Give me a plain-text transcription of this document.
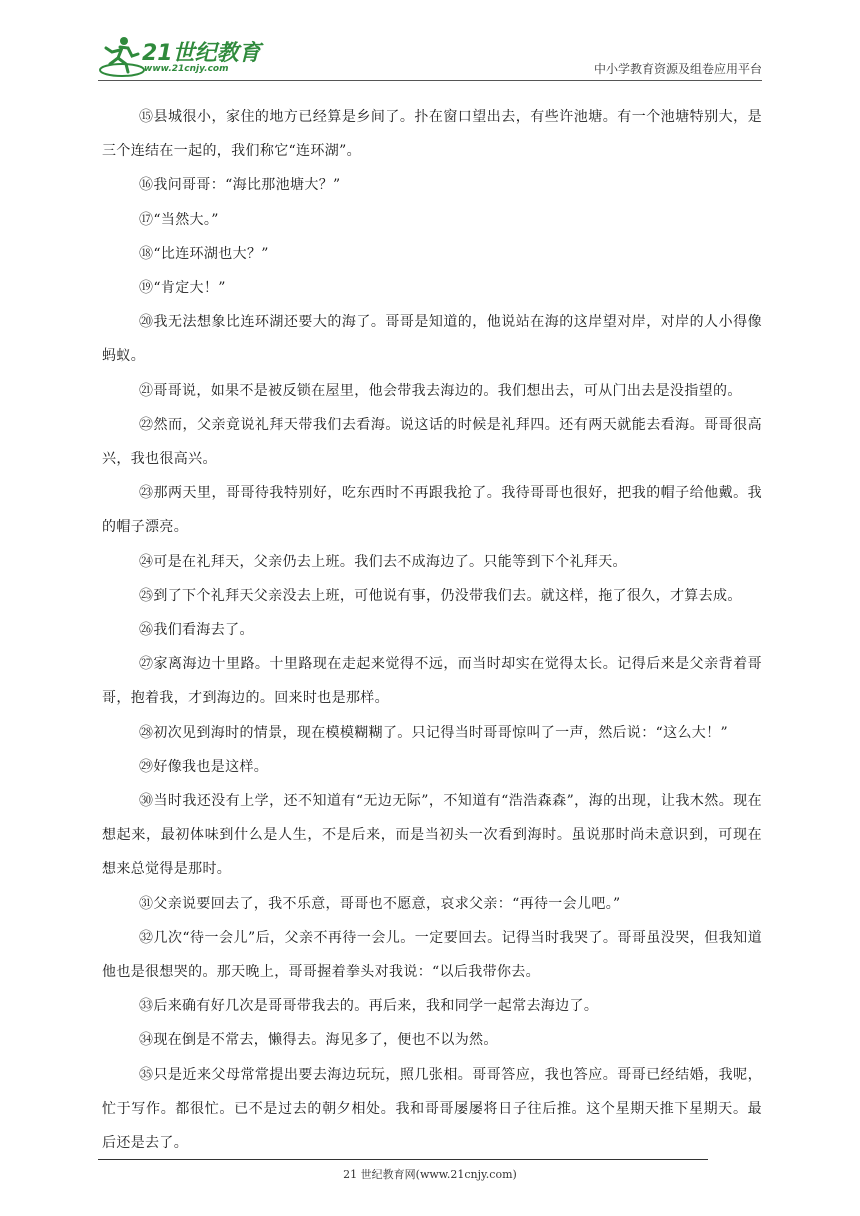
21世纪教育
www.21cnjy.com	中小学教育资源及组卷应用平台

⑮县城很小，家住的地方已经算是乡间了。扑在窗口望出去，有些许池塘。有一个池塘特别大，是三个连结在一起的，我们称它“连环湖”。

⑯我问哥哥：“海比那池塘大？”

⑰“当然大。”

⑱“比连环湖也大？”

⑲“肯定大！”

⑳我无法想象比连环湖还要大的海了。哥哥是知道的，他说站在海的这岸望对岸，对岸的人小得像蚂蚁。

㉑哥哥说，如果不是被反锁在屋里，他会带我去海边的。我们想出去，可从门出去是没指望的。

㉒然而，父亲竟说礼拜天带我们去看海。说这话的时候是礼拜四。还有两天就能去看海。哥哥很高兴，我也很高兴。

㉓那两天里，哥哥待我特别好，吃东西时不再跟我抢了。我待哥哥也很好，把我的帽子给他戴。我的帽子漂亮。

㉔可是在礼拜天，父亲仍去上班。我们去不成海边了。只能等到下个礼拜天。

㉕到了下个礼拜天父亲没去上班，可他说有事，仍没带我们去。就这样，拖了很久，才算去成。

㉖我们看海去了。

㉗家离海边十里路。十里路现在走起来觉得不远，而当时却实在觉得太长。记得后来是父亲背着哥哥，抱着我，才到海边的。回来时也是那样。

㉘初次见到海时的情景，现在模模糊糊了。只记得当时哥哥惊叫了一声，然后说：“这么大！”

㉙好像我也是这样。

㉚当时我还没有上学，还不知道有“无边无际”，不知道有“浩浩森森”，海的出现，让我木然。现在想起来，最初体味到什么是人生，不是后来，而是当初头一次看到海时。虽说那时尚未意识到，可现在想来总觉得是那时。

㉛父亲说要回去了，我不乐意，哥哥也不愿意，哀求父亲：“再待一会儿吧。”

㉜几次“待一会儿”后，父亲不再待一会儿。一定要回去。记得当时我哭了。哥哥虽没哭，但我知道他也是很想哭的。那天晚上，哥哥握着拳头对我说：“以后我带你去。

㉝后来确有好几次是哥哥带我去的。再后来，我和同学一起常去海边了。

㉞现在倒是不常去，懒得去。海见多了，便也不以为然。

㉟只是近来父母常常提出要去海边玩玩，照几张相。哥哥答应，我也答应。哥哥已经结婚，我呢，忙于写作。都很忙。已不是过去的朝夕相处。我和哥哥屡屡将日子往后推。这个星期天推下星期天。最后还是去了。

21 世纪教育网(www.21cnjy.com)
